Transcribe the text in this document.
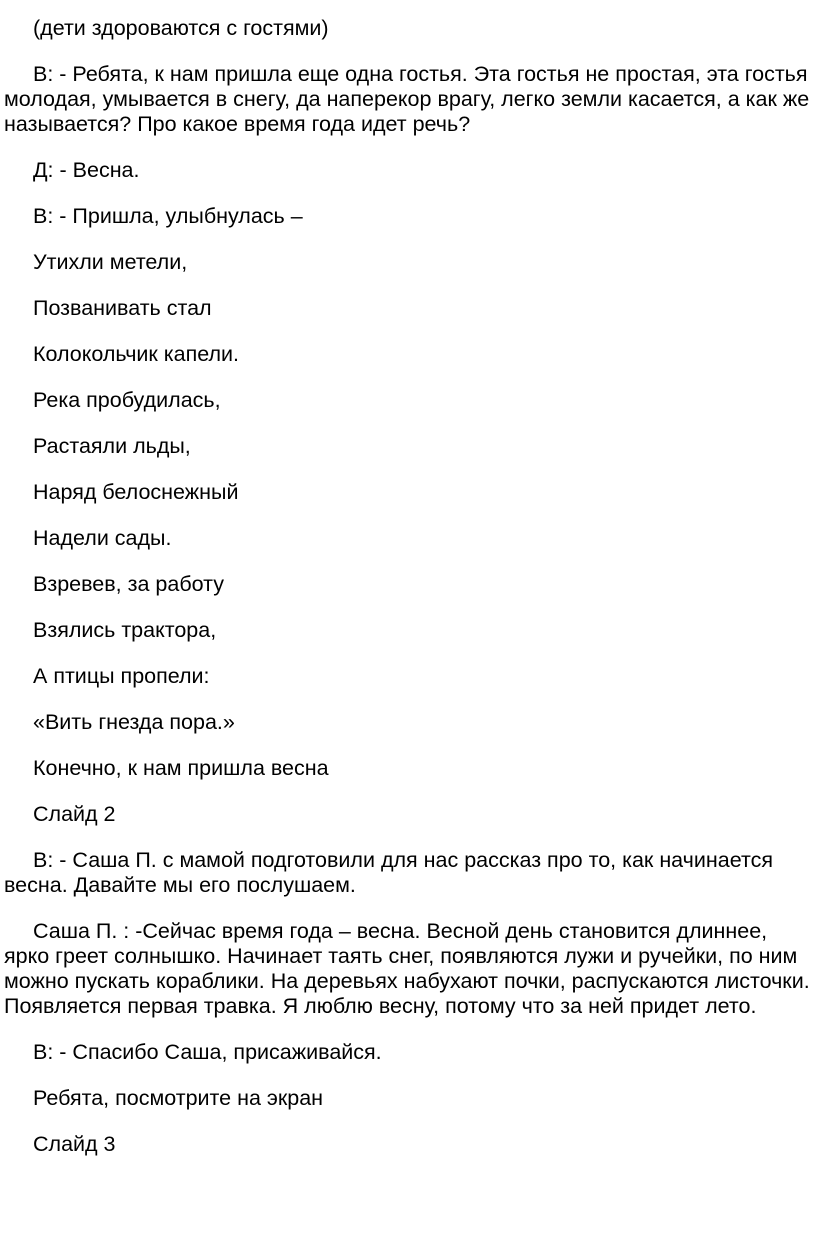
(дети здороваются с гостями)

В: - Ребята, к нам пришла еще одна гостья. Эта гостья не простая, эта гостья молодая, умывается в снегу, да наперекор врагу, легко земли касается, а как же называется? Про какое время года идет речь?

Д: - Весна.

В: - Пришла, улыбнулась –

Утихли метели,

Позванивать стал

Колокольчик капели.

Река пробудилась,

Растаяли льды,

Наряд белоснежный

Надели сады.

Взревев, за работу

Взялись трактора,

А птицы пропели:

«Вить гнезда пора.»

Конечно, к нам пришла весна

Слайд 2

В: - Саша П. с мамой подготовили для нас рассказ про то, как начинается весна. Давайте мы его послушаем.

Саша П. : -Сейчас время года – весна. Весной день становится длиннее, ярко греет солнышко. Начинает таять снег, появляются лужи и ручейки, по ним можно пускать кораблики. На деревьях набухают почки, распускаются листочки. Появляется первая травка. Я люблю весну, потому что за ней придет лето.

В: - Спасибо Саша, присаживайся.

Ребята, посмотрите на экран

Слайд 3
